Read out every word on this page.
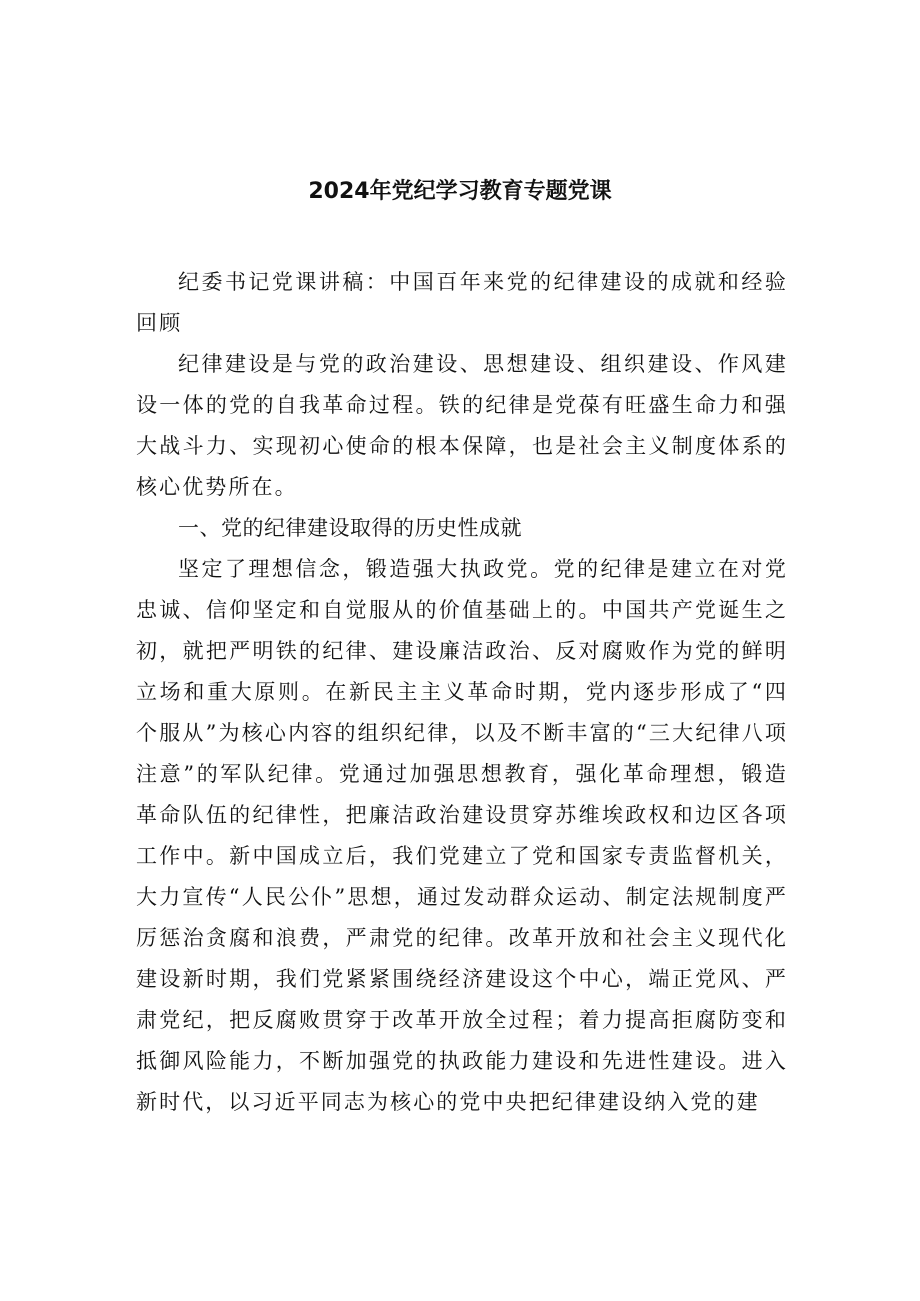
2024年党纪学习教育专题党课

纪委书记党课讲稿：中国百年来党的纪律建设的成就和经验回顾

纪律建设是与党的政治建设、思想建设、组织建设、作风建设一体的党的自我革命过程。铁的纪律是党葆有旺盛生命力和强大战斗力、实现初心使命的根本保障，也是社会主义制度体系的核心优势所在。

一、党的纪律建设取得的历史性成就

坚定了理想信念，锻造强大执政党。党的纪律是建立在对党忠诚、信仰坚定和自觉服从的价值基础上的。中国共产党诞生之初，就把严明铁的纪律、建设廉洁政治、反对腐败作为党的鲜明立场和重大原则。在新民主主义革命时期，党内逐步形成了“四个服从”为核心内容的组织纪律，以及不断丰富的“三大纪律八项注意”的军队纪律。党通过加强思想教育，强化革命理想，锻造革命队伍的纪律性，把廉洁政治建设贯穿苏维埃政权和边区各项工作中。新中国成立后，我们党建立了党和国家专责监督机关，大力宣传“人民公仆”思想，通过发动群众运动、制定法规制度严厉惩治贪腐和浪费，严肃党的纪律。改革开放和社会主义现代化建设新时期，我们党紧紧围绕经济建设这个中心，端正党风、严肃党纪，把反腐败贯穿于改革开放全过程；着力提高拒腐防变和抵御风险能力，不断加强党的执政能力建设和先进性建设。进入新时代，以习近平同志为核心的党中央把纪律建设纳入党的建
